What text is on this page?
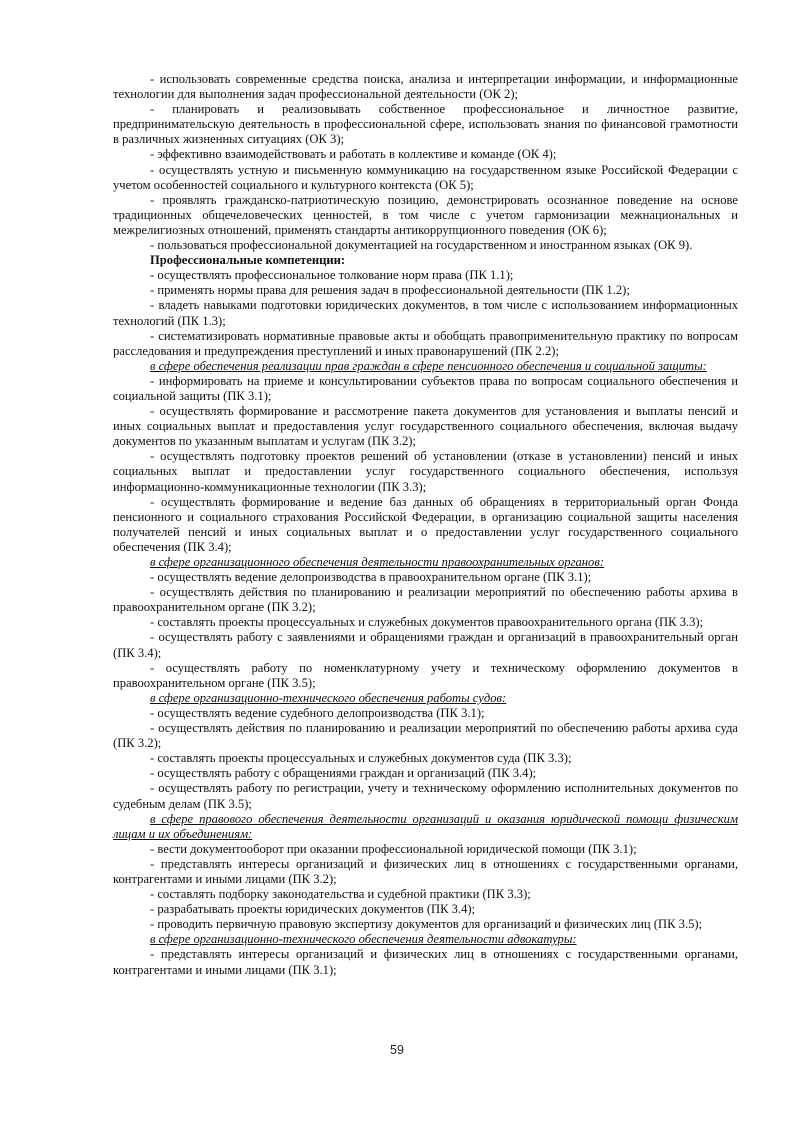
- использовать современные средства поиска, анализа и интерпретации информации, и информационные технологии для выполнения задач профессиональной деятельности (ОК 2);

- планировать и реализовывать собственное профессиональное и личностное развитие, предпринимательскую деятельность в профессиональной сфере, использовать знания по финансовой грамотности в различных жизненных ситуациях (ОК 3);

- эффективно взаимодействовать и работать в коллективе и команде (ОК 4);

- осуществлять устную и письменную коммуникацию на государственном языке Российской Федерации с учетом особенностей социального и культурного контекста (ОК 5);

- проявлять гражданско-патриотическую позицию, демонстрировать осознанное поведение на основе традиционных общечеловеческих ценностей, в том числе с учетом гармонизации межнациональных и межрелигиозных отношений, применять стандарты антикоррупционного поведения (ОК 6);

- пользоваться профессиональной документацией на государственном и иностранном языках (ОК 9).

Профессиональные компетенции:

- осуществлять профессиональное толкование норм права (ПК 1.1);

- применять нормы права для решения задач в профессиональной деятельности (ПК 1.2);

- владеть навыками подготовки юридических документов, в том числе с использованием информационных технологий (ПК 1.3);

- систематизировать нормативные правовые акты и обобщать правоприменительную практику по вопросам расследования и предупреждения преступлений и иных правонарушений (ПК 2.2);

в сфере обеспечения реализации прав граждан в сфере пенсионного обеспечения и социальной защиты:

- информировать на приеме и консультировании субъектов права по вопросам социального обеспечения и социальной защиты (ПК 3.1);

- осуществлять формирование и рассмотрение пакета документов для установления и выплаты пенсий и иных социальных выплат и предоставления услуг государственного социального обеспечения, включая выдачу документов по указанным выплатам и услугам (ПК 3.2);

- осуществлять подготовку проектов решений об установлении (отказе в установлении) пенсий и иных социальных выплат и предоставлении услуг государственного социального обеспечения, используя информационно-коммуникационные технологии (ПК 3.3);

- осуществлять формирование и ведение баз данных об обращениях в территориальный орган Фонда пенсионного и социального страхования Российской Федерации, в организацию социальной защиты населения получателей пенсий и иных социальных выплат и о предоставлении услуг государственного социального обеспечения (ПК 3.4);

в сфере организационного обеспечения деятельности правоохранительных органов:

- осуществлять ведение делопроизводства в правоохранительном органе (ПК 3.1);

- осуществлять действия по планированию и реализации мероприятий по обеспечению работы архива в правоохранительном органе (ПК 3.2);

- составлять проекты процессуальных и служебных документов правоохранительного органа (ПК 3.3);

- осуществлять работу с заявлениями и обращениями граждан и организаций в правоохранительный орган (ПК 3.4);

- осуществлять работу по номенклатурному учету и техническому оформлению документов в правоохранительном органе (ПК 3.5);

в сфере организационно-технического обеспечения работы судов:

- осуществлять ведение судебного делопроизводства (ПК 3.1);

- осуществлять действия по планированию и реализации мероприятий по обеспечению работы архива суда (ПК 3.2);

- составлять проекты процессуальных и служебных документов суда (ПК 3.3);

- осуществлять работу с обращениями граждан и организаций (ПК 3.4);

- осуществлять работу по регистрации, учету и техническому оформлению исполнительных документов по судебным делам (ПК 3.5);

в сфере правового обеспечения деятельности организаций и оказания юридической помощи физическим лицам и их объединениям:

- вести документооборот при оказании профессиональной юридической помощи (ПК 3.1);

- представлять интересы организаций и физических лиц в отношениях с государственными органами, контрагентами и иными лицами (ПК 3.2);

- составлять подборку законодательства и судебной практики (ПК 3.3);

- разрабатывать проекты юридических документов (ПК 3.4);

- проводить первичную правовую экспертизу документов для организаций и физических лиц (ПК 3.5);

в сфере организационно-технического обеспечения деятельности адвокатуры:

- представлять интересы организаций и физических лиц в отношениях с государственными органами, контрагентами и иными лицами (ПК 3.1);

59
